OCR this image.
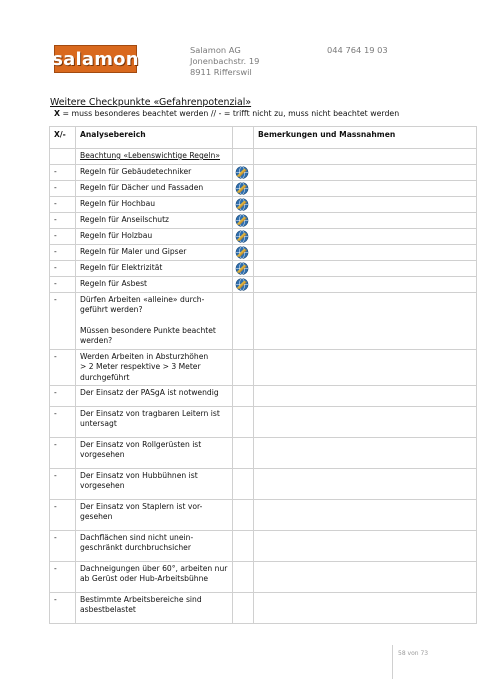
salamon	Salamon AG
Jonenbachstr. 19
8911 Rifferswil
044 764 19 03
Weitere Checkpunkte «Gefahrenpotenzial»
X = muss besonderes beachtet werden // - = trifft nicht zu, muss nicht beachtet werden
X/-	Analysebereich		Bemerkungen und Massnahmen
	Beachtung «Lebenswichtige Regeln»		
-	Regeln für Gebäudetechniker	

-	Regeln für Dächer und Fassaden	

-	Regeln für Hochbau	

-	Regeln für Anseilschutz	

-	Regeln für Holzbau	

-	Regeln für Maler und Gipser	

-	Regeln für Elektrizität	

-	Regeln für Asbest	

-	Dürfen Arbeiten «alleine» durch-
geführt werden?
Müssen besondere Punkte beachtet
werden?		

-	Werden Arbeiten in Absturzhöhen
> 2 Meter respektive > 3 Meter
durchgeführt		

-	Der Einsatz der PASgA ist notwendig		

-	Der Einsatz von tragbaren Leitern ist
untersagt		

-	Der Einsatz von Rollgerüsten ist
vorgesehen		

-	Der Einsatz von Hubbühnen ist
vorgesehen		

-	Der Einsatz von Staplern ist vor-
gesehen		

-	Dachflächen sind nicht unein-
geschränkt durchbruchsicher		

-	Dachneigungen über 60°, arbeiten nur
ab Gerüst oder Hub-Arbeitsbühne		

-	Bestimmte Arbeitsbereiche sind
asbestbelastet		

58 von 73
